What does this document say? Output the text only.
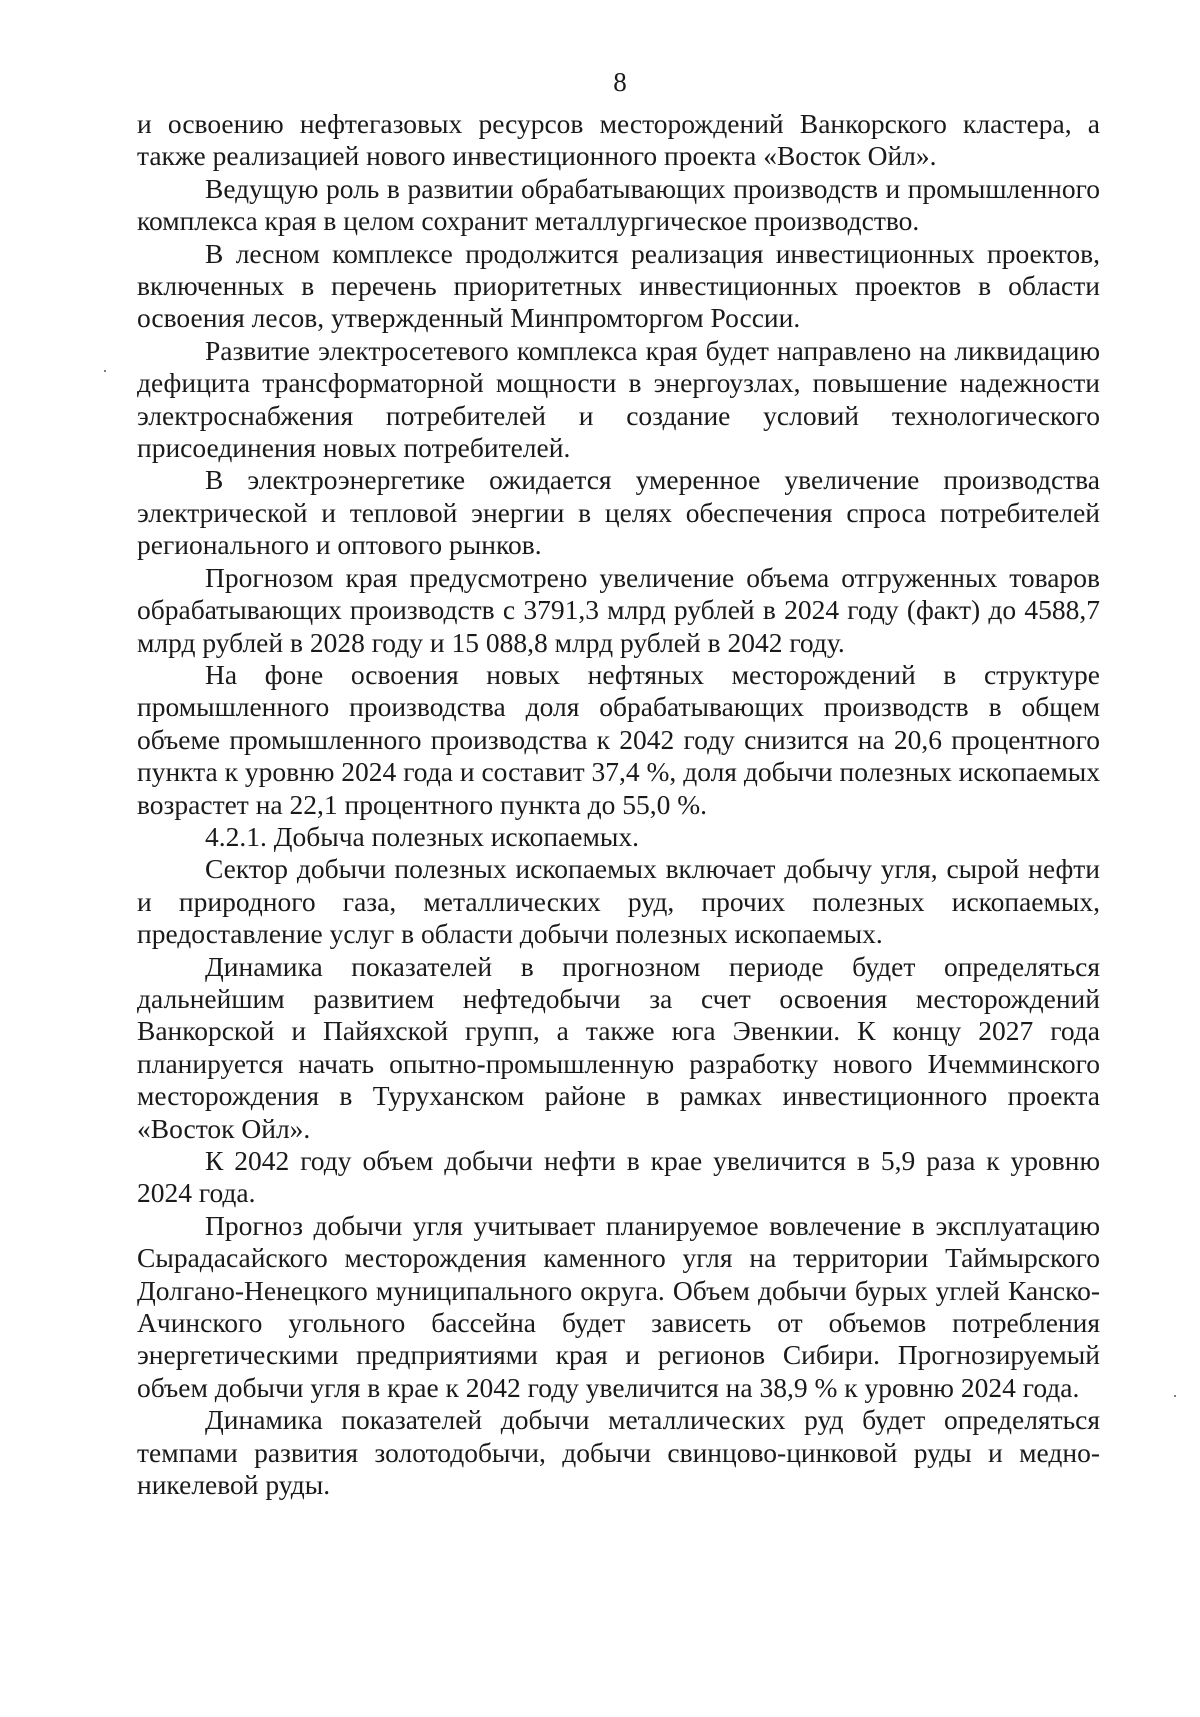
8

и освоению нефтегазовых ресурсов месторождений Ванкорского кластера, а также реализацией нового инвестиционного проекта «Восток Ойл».

Ведущую роль в развитии обрабатывающих производств и промышленного комплекса края в целом сохранит металлургическое производство.

В лесном комплексе продолжится реализация инвестиционных проектов, включенных в перечень приоритетных инвестиционных проектов в области освоения лесов, утвержденный Минпромторгом России.

Развитие электросетевого комплекса края будет направлено на ликвидацию дефицита трансформаторной мощности в энергоузлах, повышение надежности электроснабжения потребителей и создание условий технологического присоединения новых потребителей.

В электроэнергетике ожидается умеренное увеличение производства электрической и тепловой энергии в целях обеспечения спроса потребителей регионального и оптового рынков.

Прогнозом края предусмотрено увеличение объема отгруженных товаров обрабатывающих производств с 3791,3 млрд рублей в 2024 году (факт) до 4588,7 млрд рублей в 2028 году и 15 088,8 млрд рублей в 2042 году.

На фоне освоения новых нефтяных месторождений в структуре промышленного производства доля обрабатывающих производств в общем объеме промышленного производства к 2042 году снизится на 20,6 процентного пункта к уровню 2024 года и составит 37,4 %, доля добычи полезных ископаемых возрастет на 22,1 процентного пункта до 55,0 %.

4.2.1. Добыча полезных ископаемых.

Сектор добычи полезных ископаемых включает добычу угля, сырой нефти и природного газа, металлических руд, прочих полезных ископаемых, предоставление услуг в области добычи полезных ископаемых.

Динамика показателей в прогнозном периоде будет определяться дальнейшим развитием нефтедобычи за счет освоения месторождений Ванкорской и Пайяхской групп, а также юга Эвенкии. К концу 2027 года планируется начать опытно-промышленную разработку нового Ичемминского месторождения в Туруханском районе в рамках инвестиционного проекта «Восток Ойл».

К 2042 году объем добычи нефти в крае увеличится в 5,9 раза к уровню 2024 года.

Прогноз добычи угля учитывает планируемое вовлечение в эксплуатацию Сырадасайского месторождения каменного угля на территории Таймырского Долгано-Ненецкого муниципального округа. Объем добычи бурых углей Канско-Ачинского угольного бассейна будет зависеть от объемов потребления энергетическими предприятиями края и регионов Сибири. Прогнозируемый объем добычи угля в крае к 2042 году увеличится на 38,9 % к уровню 2024 года.

Динамика показателей добычи металлических руд будет определяться темпами развития золотодобычи, добычи свинцово-цинковой руды и медно-никелевой руды.
